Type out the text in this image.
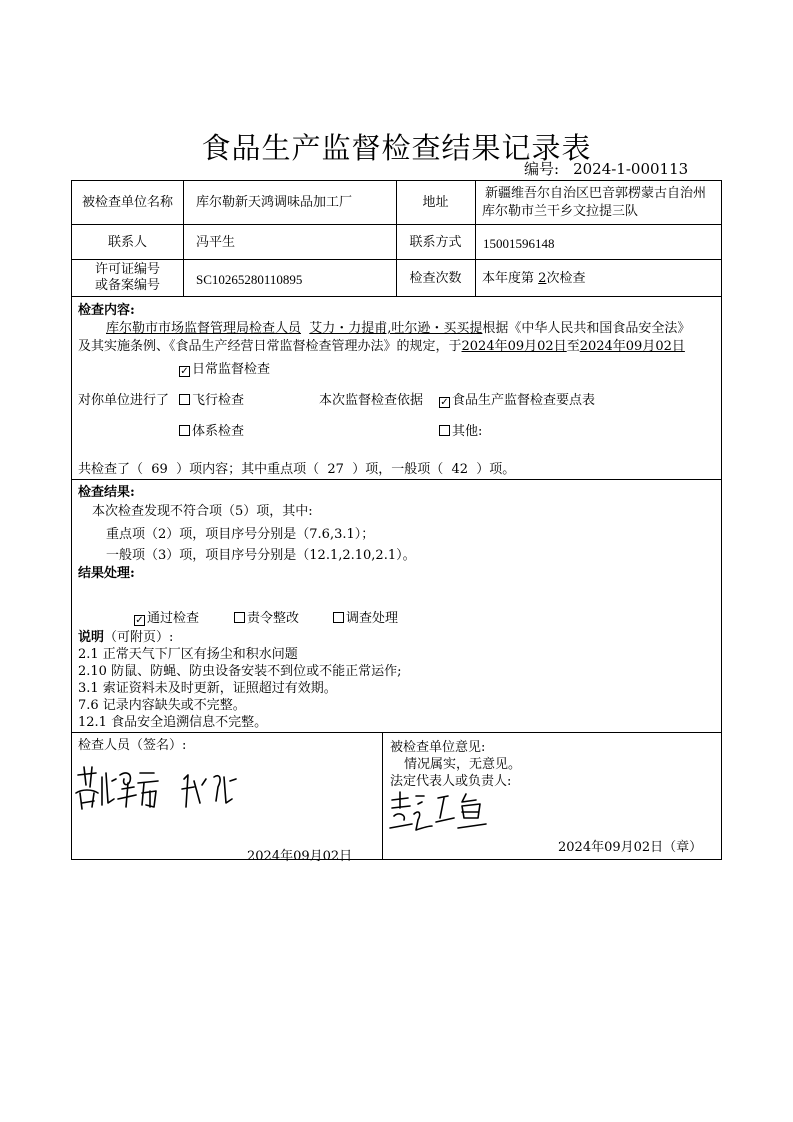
食品生产监督检查结果记录表
编号: 2024-1-000113
被检查单位名称	库尔勒新天鸿调味品加工厂	地址
新疆维吾尔自治区巴音郭楞蒙古自治州
库尔勒市兰干乡文拉提三队
联系人	冯平生	联系方式	15001596148
许可证编号
或备案编号	SC10265280110895	检查次数	本年度第 2次检查
检查内容:
库尔勒市市场监督管理局检查人员 艾力・力提甫,吐尔逊・买买提根据《中华人民共和国食品安全法》
及其实施条例、《食品生产经营日常监督检查管理办法》的规定，于2024年09月02日至2024年09月02日
✓ 日常监督检查
对你单位进行了	飞行检查	本次监督检查依据 ✓ 食品生产监督检查要点表
体系检查	其他:
共检查了（ 69 ）项内容；其中重点项（ 27 ）项，一般项（ 42 ）项。
检查结果:
本次检查发现不符合项（5）项，其中:
重点项（2）项，项目序号分别是（7.6,3.1）；
一般项（3）项，项目序号分别是（12.1,2.10,2.1）。
结果处理:
✓ 通过检查	责令整改	调查处理
说明（可附页）:
2.1 正常天气下厂区有扬尘和积水问题
2.10 防鼠、防蝇、防虫设备安装不到位或不能正常运作;
3.1 索证资料未及时更新，证照超过有效期。
7.6 记录内容缺失或不完整。
12.1 食品安全追溯信息不完整。
检查人员（签名）:
2024年09月02日
被检查单位意见:
情况属实，无意见。
法定代表人或负责人:
2024年09月02日（章）
